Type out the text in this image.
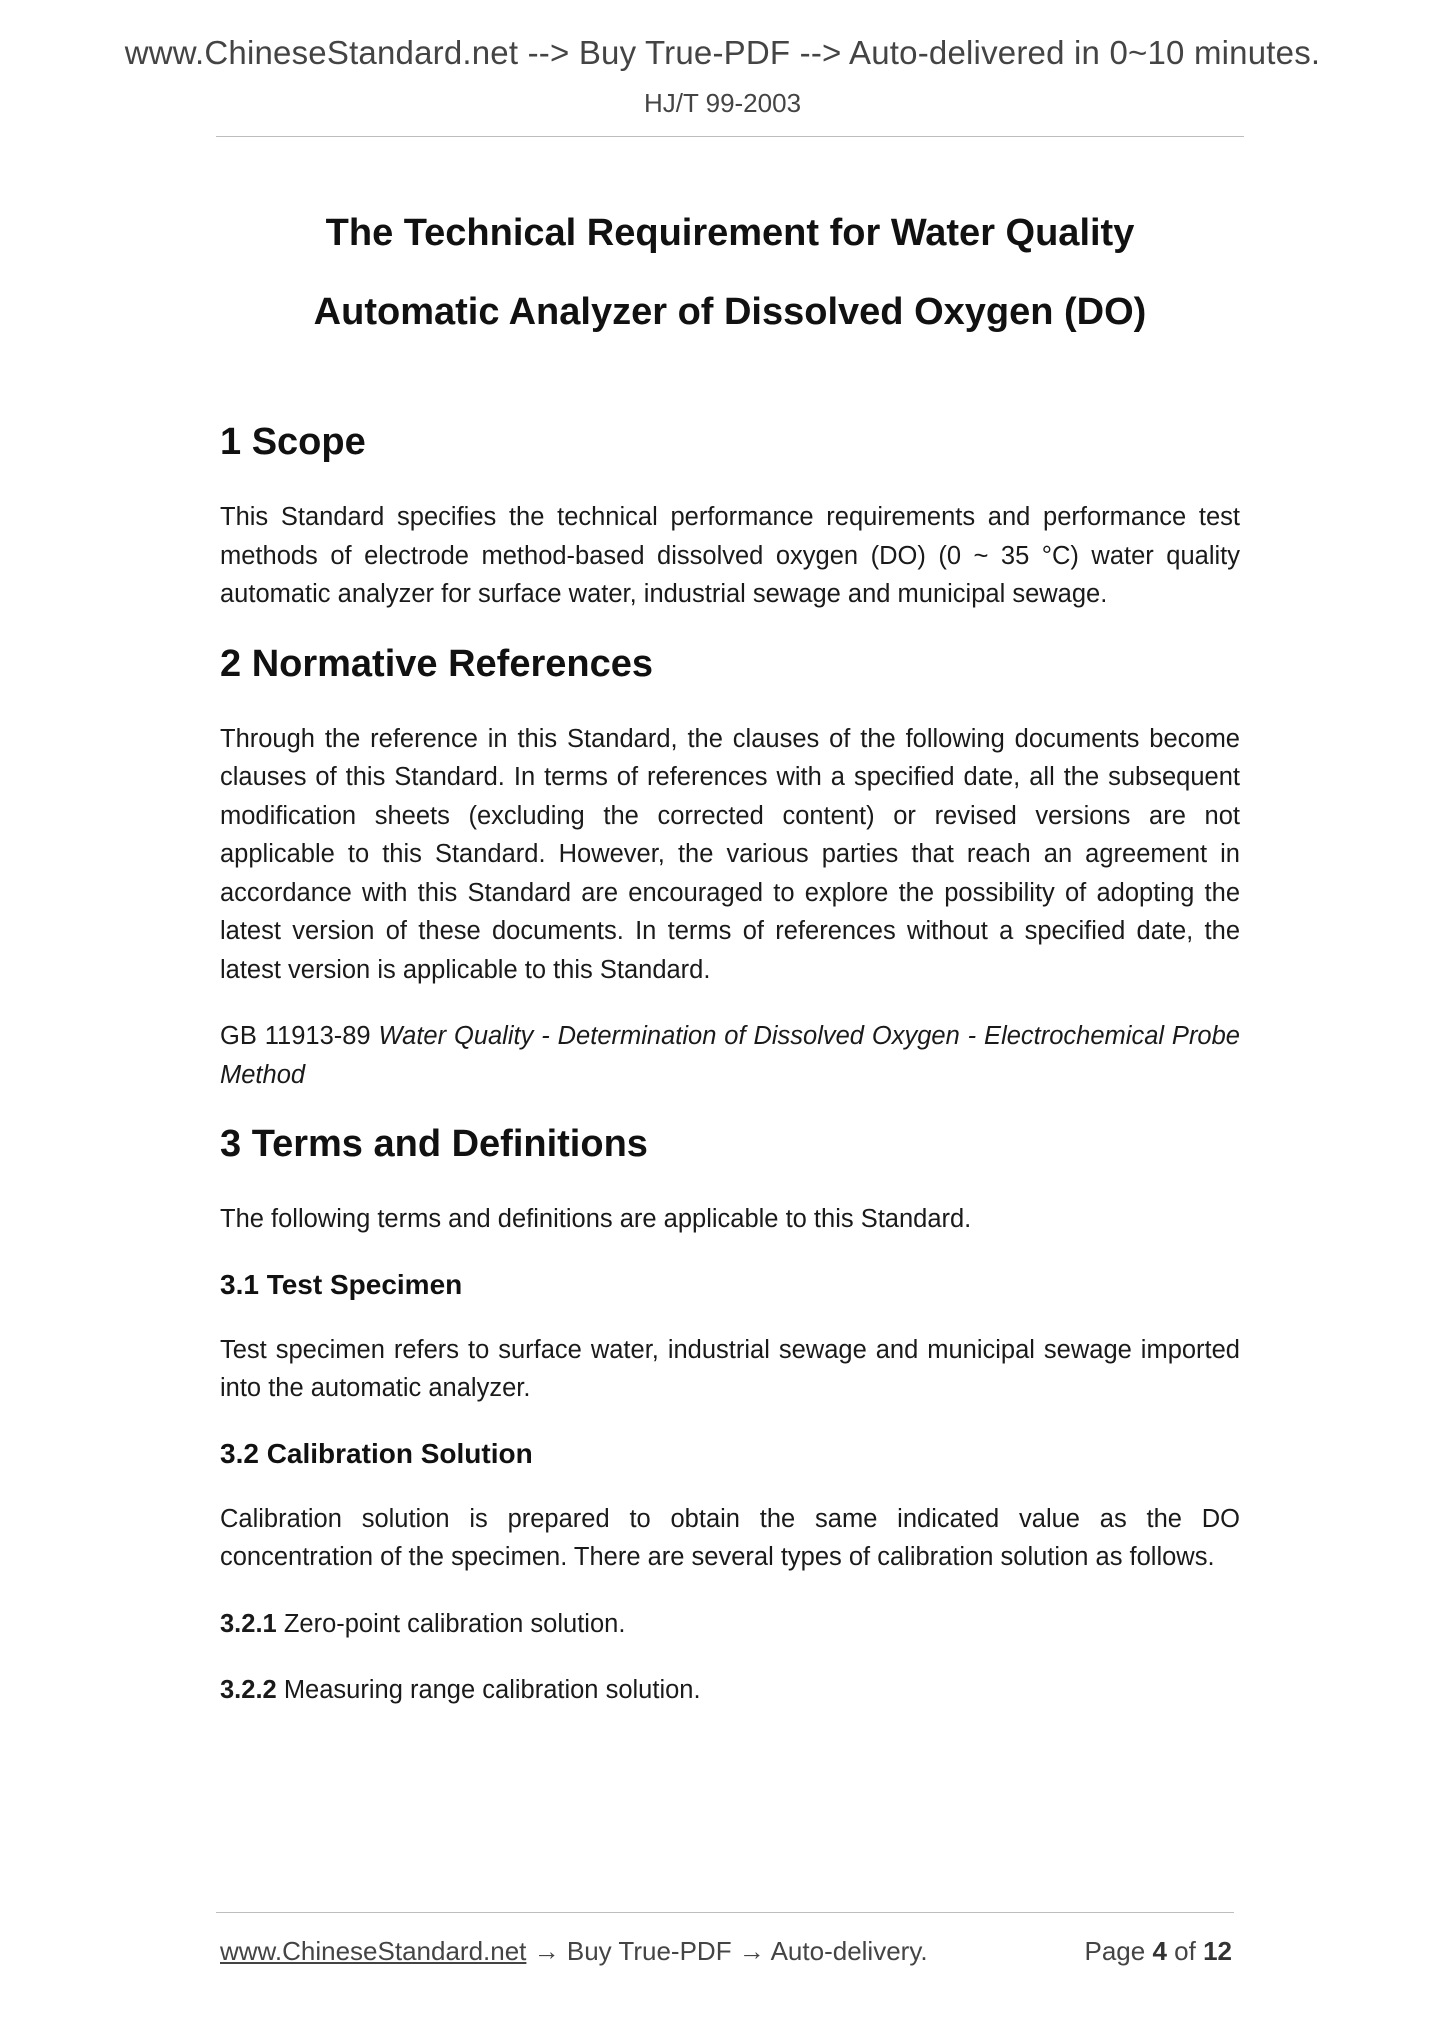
www.ChineseStandard.net --> Buy True-PDF --> Auto-delivered in 0~10 minutes.
HJ/T 99-2003
The Technical Requirement for Water Quality
Automatic Analyzer of Dissolved Oxygen (DO)
1 Scope
This Standard specifies the technical performance requirements and performance test methods of electrode method-based dissolved oxygen (DO) (0 ~ 35 °C) water quality automatic analyzer for surface water, industrial sewage and municipal sewage.
2 Normative References
Through the reference in this Standard, the clauses of the following documents become clauses of this Standard. In terms of references with a specified date, all the subsequent modification sheets (excluding the corrected content) or revised versions are not applicable to this Standard. However, the various parties that reach an agreement in accordance with this Standard are encouraged to explore the possibility of adopting the latest version of these documents. In terms of references without a specified date, the latest version is applicable to this Standard.
GB 11913-89 Water Quality - Determination of Dissolved Oxygen - Electrochemical Probe Method
3 Terms and Definitions
The following terms and definitions are applicable to this Standard.
3.1 Test Specimen
Test specimen refers to surface water, industrial sewage and municipal sewage imported into the automatic analyzer.
3.2 Calibration Solution
Calibration solution is prepared to obtain the same indicated value as the DO concentration of the specimen. There are several types of calibration solution as follows.
3.2.1 Zero-point calibration solution.
3.2.2 Measuring range calibration solution.
www.ChineseStandard.net → Buy True-PDF → Auto-delivery.	Page 4 of 12
